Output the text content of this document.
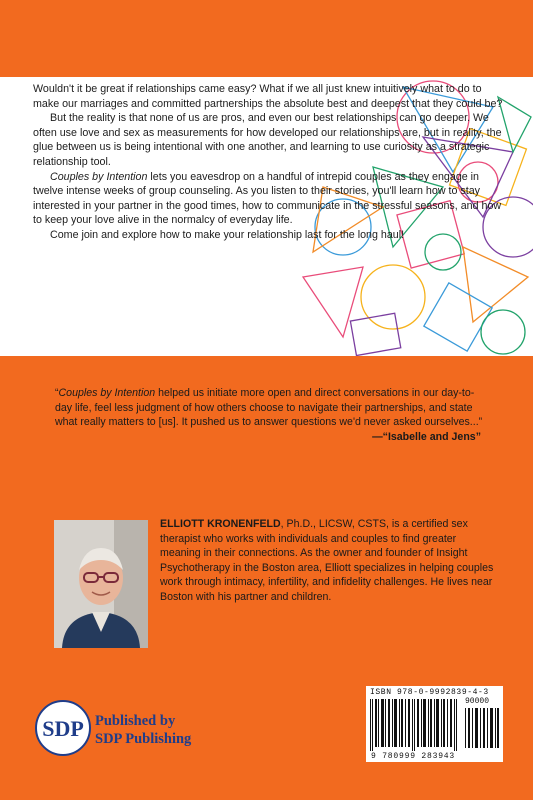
Wouldn't it be great if relationships came easy? What if we all just knew intuitively what to do to make our marriages and committed partnerships the absolute best and deepest that they could be?

But the reality is that none of us are pros, and even our best relationships can go deeper. We often use love and sex as measurements for how developed our relationships are, but in reality, the glue between us is being intentional with one another, and learning to use curiosity as a strategic relationship tool.

Couples by Intention lets you eavesdrop on a handful of intrepid couples as they engage in twelve intense weeks of group counseling. As you listen to their stories, you'll learn how to stay interested in your partner in the good times, how to communicate in the stressful seasons, and how to keep your love alive in the normalcy of everyday life.

Come join and explore how to make your relationship last for the long haul!

“Couples by Intention helped us initiate more open and direct conversations in our day-to-day life, feel less judgment of how others choose to navigate their partnerships, and state what really matters to [us]. It pushed us to answer questions we'd never asked ourselves...”
—“Isabelle and Jens”

ELLIOTT KRONENFELD, Ph.D., LICSW, CSTS, is a certified sex therapist who works with individuals and couples to find greater meaning in their connections. As the owner and founder of Insight Psychotherapy in the Boston area, Elliott specializes in helping couples work through intimacy, infertility, and infidelity challenges. He lives near Boston with his partner and children.

SDP Published by
SDP Publishing
ISBN 978-0-9992839-4-3
90000
9 780999 283943
